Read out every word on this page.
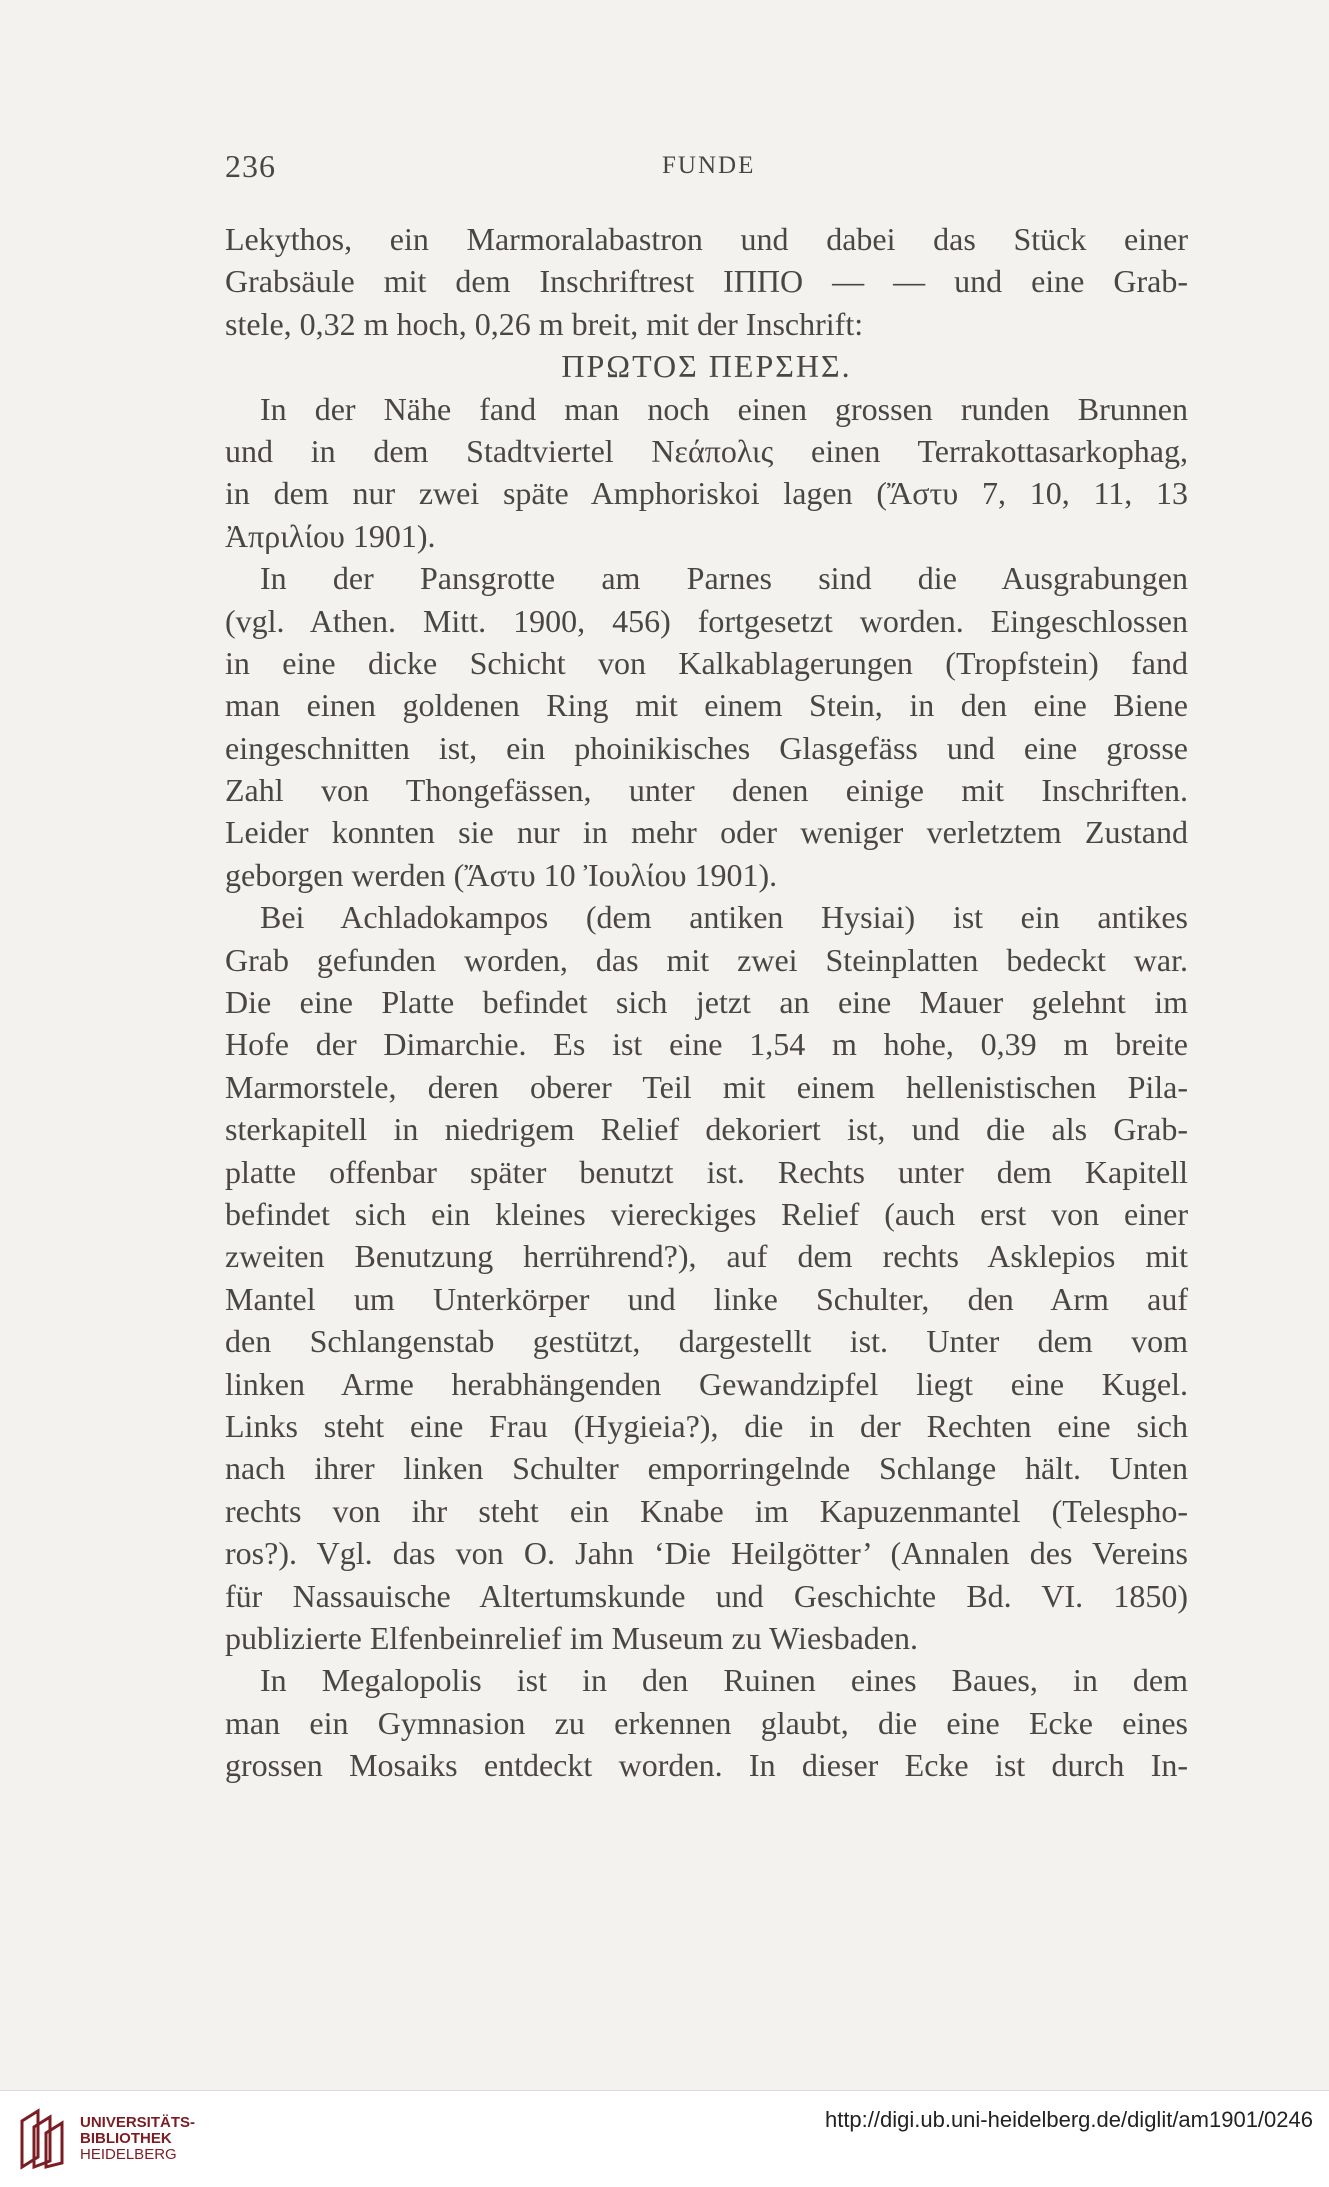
236	FUNDE
Lekythos, ein Marmoralabastron und dabei das Stück einer
Grabsäule mit dem Inschriftrest ΙΠΠΟ — — und eine Grab-
stele, 0,32 m hoch, 0,26 m breit, mit der Inschrift:
ΠΡΩΤΟΣ ΠΕΡΣΗΣ.
In der Nähe fand man noch einen grossen runden Brunnen
und in dem Stadtviertel Νεάπολις einen Terrakottasarkophag,
in dem nur zwei späte Amphoriskoi lagen (Ἄστυ 7, 10, 11, 13
Ἀπριλίου 1901).
In der Pansgrotte am Parnes sind die Ausgrabungen
(vgl. Athen. Mitt. 1900, 456) fortgesetzt worden. Eingeschlossen
in eine dicke Schicht von Kalkablagerungen (Tropfstein) fand
man einen goldenen Ring mit einem Stein, in den eine Biene
eingeschnitten ist, ein phoinikisches Glasgefäss und eine grosse
Zahl von Thongefässen, unter denen einige mit Inschriften.
Leider konnten sie nur in mehr oder weniger verletztem Zustand
geborgen werden (Ἄστυ 10 Ἰουλίου 1901).
Bei Achladokampos (dem antiken Hysiai) ist ein antikes
Grab gefunden worden, das mit zwei Steinplatten bedeckt war.
Die eine Platte befindet sich jetzt an eine Mauer gelehnt im
Hofe der Dimarchie. Es ist eine 1,54 m hohe, 0,39 m breite
Marmorstele, deren oberer Teil mit einem hellenistischen Pila-
sterkapitell in niedrigem Relief dekoriert ist, und die als Grab-
platte offenbar später benutzt ist. Rechts unter dem Kapitell
befindet sich ein kleines viereckiges Relief (auch erst von einer
zweiten Benutzung herrührend?), auf dem rechts Asklepios mit
Mantel um Unterkörper und linke Schulter, den Arm auf
den Schlangenstab gestützt, dargestellt ist. Unter dem vom
linken Arme herabhängenden Gewandzipfel liegt eine Kugel.
Links steht eine Frau (Hygieia?), die in der Rechten eine sich
nach ihrer linken Schulter emporringelnde Schlange hält. Unten
rechts von ihr steht ein Knabe im Kapuzenmantel (Telespho-
ros?). Vgl. das von O. Jahn ‘Die Heilgötter’ (Annalen des Vereins
für Nassauische Altertumskunde und Geschichte Bd. VI. 1850)
publizierte Elfenbeinrelief im Museum zu Wiesbaden.
In Megalopolis ist in den Ruinen eines Baues, in dem
man ein Gymnasion zu erkennen glaubt, die eine Ecke eines
grossen Mosaiks entdeckt worden. In dieser Ecke ist durch In-
UNIVERSITÄTS-
BIBLIOTHEK
HEIDELBERG
http://digi.ub.uni-heidelberg.de/diglit/am1901/0246
